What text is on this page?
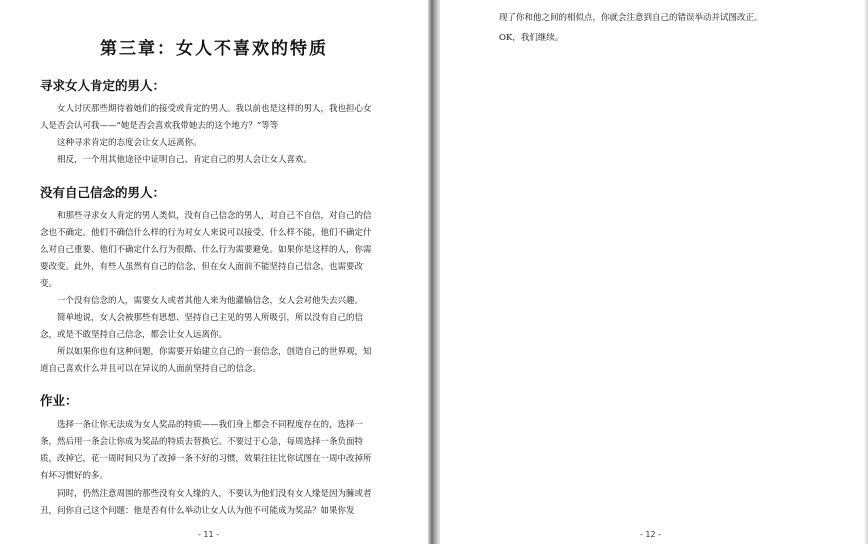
第三章：女人不喜欢的特质
寻求女人肯定的男人：

女人讨厌那些期待着她们的接受或肯定的男人。我以前也是这样的男人，我也担心女人是否会认可我——“她是否会喜欢我带她去的这个地方？”等等

这种寻求肯定的态度会让女人远离你。

相反，一个用其他途径中证明自己、肯定自己的男人会让女人喜欢。

没有自己信念的男人：

和那些寻求女人肯定的男人类似，没有自己信念的男人，对自己不自信，对自己的信念也不确定。他们不确信什么样的行为对女人来说可以接受、什么样不能，他们不确定什么对自己重要、他们不确定什么行为很酷、什么行为需要避免。如果你是这样的人，你需要改变。此外，有些人虽然有自己的信念，但在女人面前不能坚持自己信念，也需要改变。

一个没有信念的人，需要女人或者其他人来为他灌输信念，女人会对他失去兴趣。

简单地说，女人会被那些有思想、坚持自己主见的男人所吸引，所以没有自己的信念，或是不敢坚持自己信念，都会让女人远离你。

所以如果你也有这种问题，你需要开始建立自己的一套信念，创造自己的世界观，知道自己喜欢什么并且可以在异议的人面前坚持自己的信念。

作业：

选择一条让你无法成为女人奖品的特质——我们身上都会不同程度存在的，选择一条，然后用一条会让你成为奖品的特质去替换它。不要过于心急，每周选择一条负面特质，改掉它，花一周时间只为了改掉一条不好的习惯，效果往往比你试图在一周中改掉所有坏习惯好的多。

同时，仍然注意周围的那些没有女人缘的人，不要认为他们没有女人缘是因为臃或者丑，问你自己这个问题：他是否有什么举动让女人认为他不可能成为奖品？如果你发

- 11 -

现了你和他之间的相似点，你就会注意到自己的错误举动并试图改正。

OK，我们继续。

- 12 -
